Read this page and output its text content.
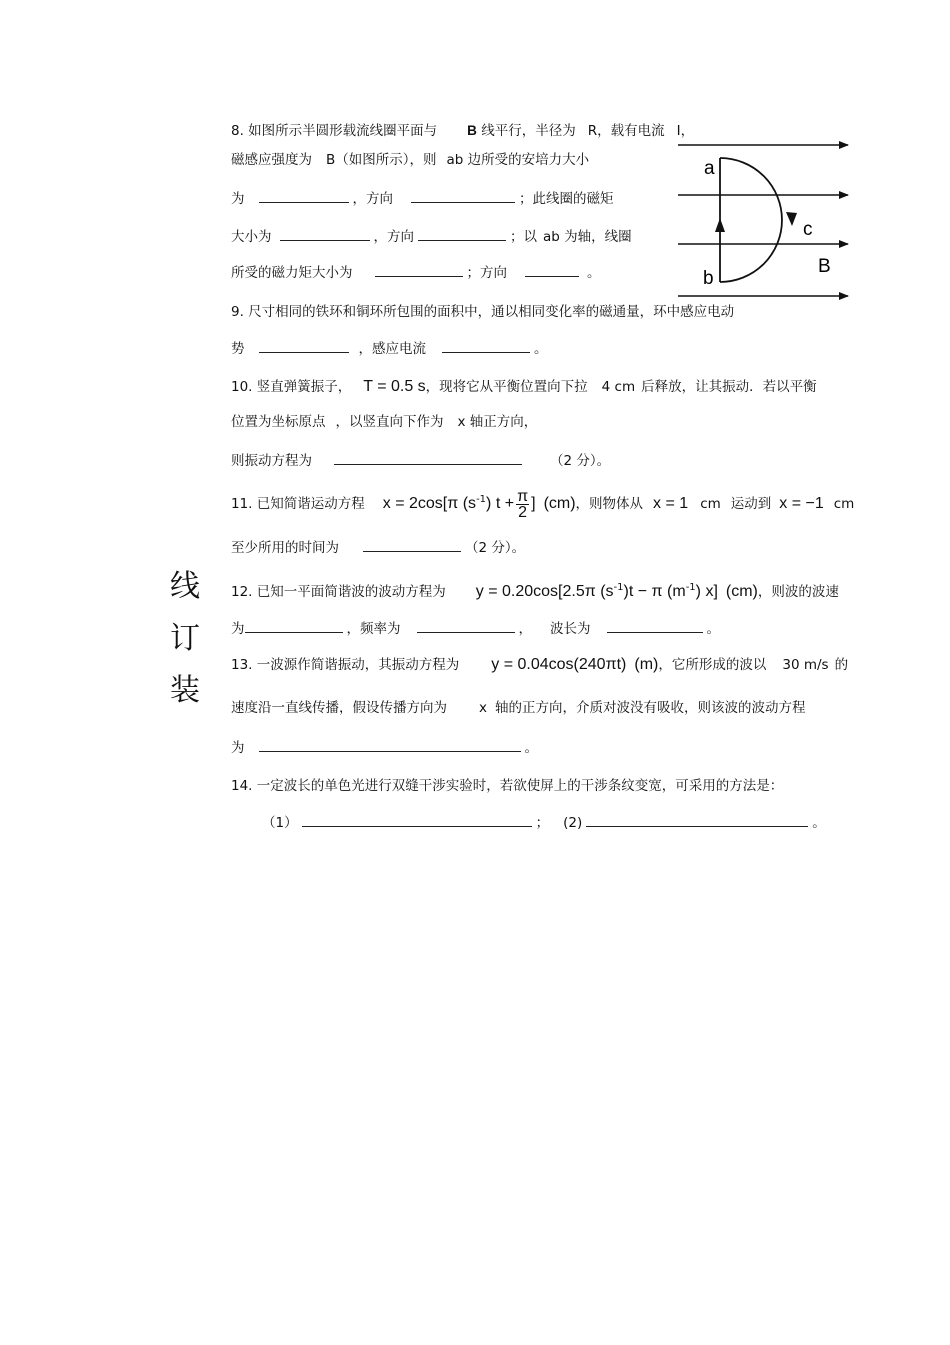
线
订
装
a
b
c
B
8. 如图所示半圆形载流线圈平面与 B 线平行，半径为 R，载有电流 I，
磁感应强度为 B（如图所示），则 ab 边所受的安培力大小
为	，方向	；此线圈的磁矩
大小为	，方向	；以 ab 为轴，线圈
所受的磁力矩大小为	；方向	。
9. 尺寸相同的铁环和铜环所包围的面积中，通以相同变化率的磁通量，环中感应电动
势	，感应电流	。
10. 竖直弹簧振子， T = 0.5 s，现将它从平衡位置向下拉 4 cm 后释放，让其振动．若以平衡
位置为坐标原点 ，以竖直向下作为 x 轴正方向，
则振动方程为	（2 分）。
11. 已知简谐运动方程 x = 2cos[π $(s^{-1}) t + \frac{\pi}{2}$ ] (cm)，则物体从 x = 1 cm 运动到 x = −1 cm
至少所用的时间为	（2 分）。
12. 已知一平面简谐波的波动方程为 y = 0.20cos[2.5π $(s^{-1})t - \pi$ $(m^{-1})$ x] (cm)，则波的波速
为	，频率为	， 波长为	。
13. 一波源作简谐振动，其振动方程为 y = 0.04cos(240πt) (m)，它所形成的波以 30 m/s 的
速度沿一直线传播，假设传播方向为 x 轴的正方向，介质对波没有吸收，则该波的波动方程
为	。
14. 一定波长的单色光进行双缝干涉实验时，若欲使屏上的干涉条纹变宽，可采用的方法是：
（1）	； (2)	。
